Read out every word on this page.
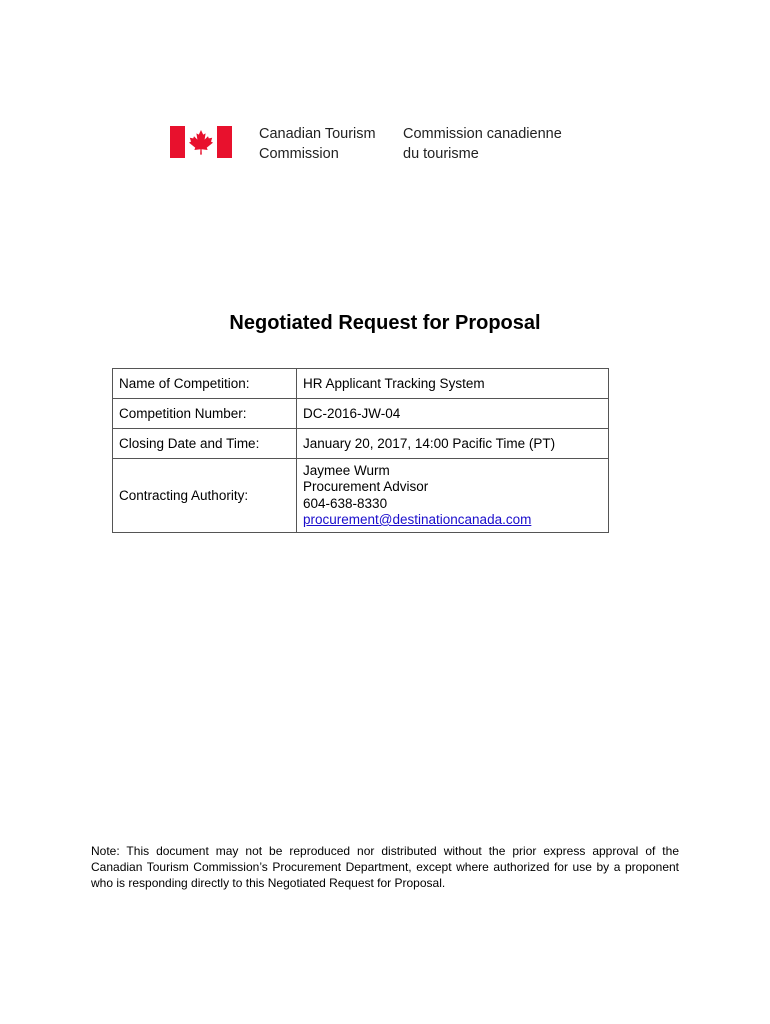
Canadian Tourism
Commission
Commission canadienne
du tourisme
Negotiated Request for Proposal
Name of Competition:	HR Applicant Tracking System
Competition Number:	DC-2016-JW-04
Closing Date and Time:	January 20, 2017, 14:00 Pacific Time (PT)
Contracting Authority:	Jaymee Wurm
Procurement Advisor
604-638-8330
procurement@destinationcanada.com
Note: This document may not be reproduced nor distributed without the prior express approval of the Canadian Tourism Commission’s Procurement Department, except where authorized for use by a proponent who is responding directly to this Negotiated Request for Proposal.
